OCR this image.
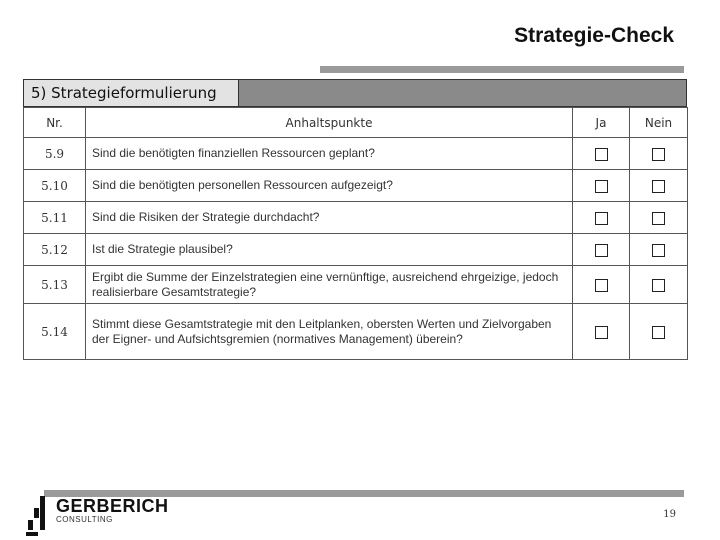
Strategie-Check
5) Strategieformulierung
Nr.	Anhaltspunkte	Ja	Nein
5.9	Sind die benötigten finanziellen Ressourcen geplant?		
5.10	Sind die benötigten personellen Ressourcen aufgezeigt?		
5.11	Sind die Risiken der Strategie durchdacht?		
5.12	Ist die Strategie plausibel?		
5.13	Ergibt die Summe der Einzelstrategien eine vernünftige, ausreichend ehrgeizige, jedoch realisierbare Gesamtstrategie?		
5.14	Stimmt diese Gesamtstrategie mit den Leitplanken, obersten Werten und Zielvorgaben der Eigner- und Aufsichtsgremien (normatives Management) überein?		
GERBERICH
CONSULTING	19
